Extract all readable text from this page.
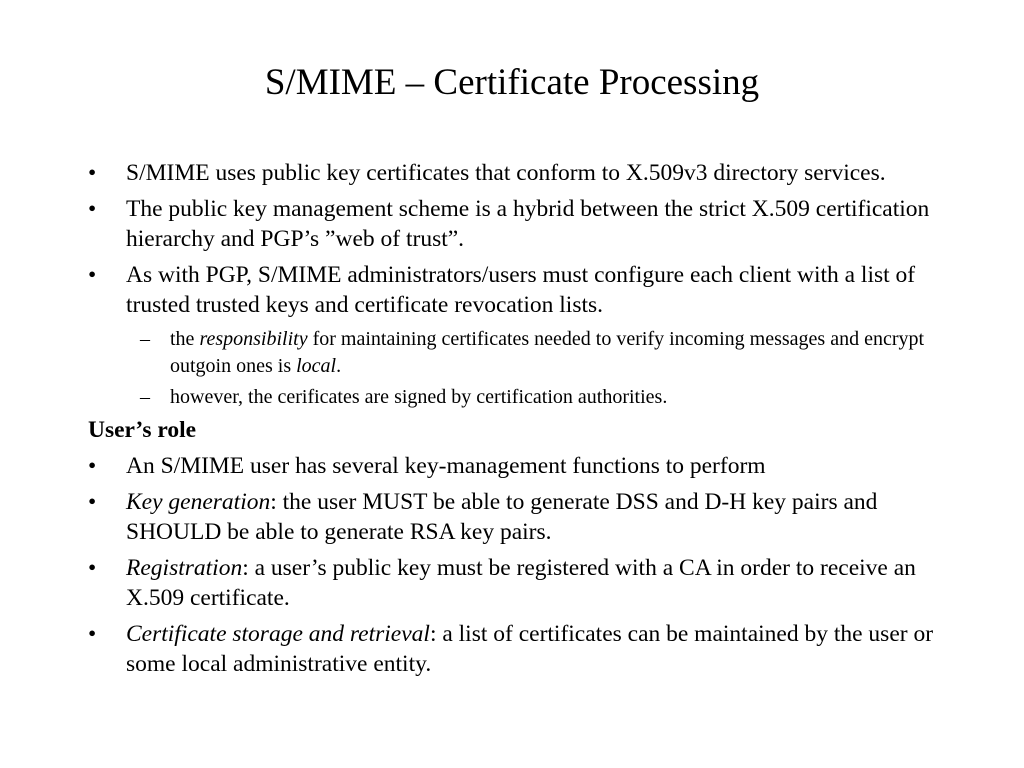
S/MIME – Certificate Processing
• S/MIME uses public key certificates that conform to X.509v3 directory services.
• The public key management scheme is a hybrid between the strict X.509 certification hierarchy and PGP’s ”web of trust”.
• As with PGP, S/MIME administrators/users must configure each client with a list of trusted trusted keys and certificate revocation lists.
– the responsibility for maintaining certificates needed to verify incoming messages and encrypt outgoin ones is local.
– however, the cerificates are signed by certification authorities.
User’s role
• An S/MIME user has several key-management functions to perform
• Key generation: the user MUST be able to generate DSS and D-H key pairs and SHOULD be able to generate RSA key pairs.
• Registration: a user’s public key must be registered with a CA in order to receive an X.509 certificate.
• Certificate storage and retrieval: a list of certificates can be maintained by the user or some local administrative entity.
